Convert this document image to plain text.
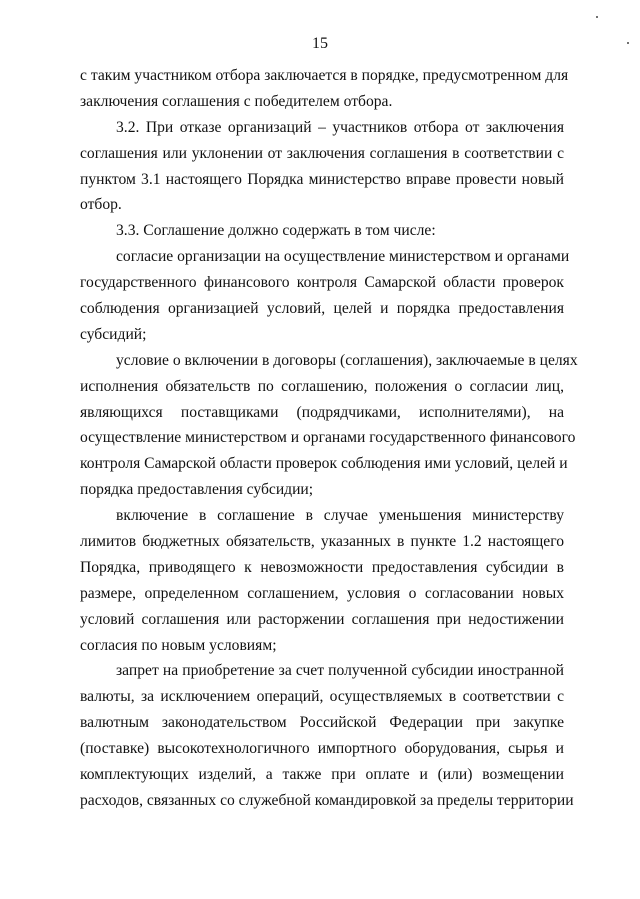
15
с таким участником отбора заключается в порядке, предусмотренном для
заключения соглашения с победителем отбора.
3.2. При отказе организаций – участников отбора от заключения
соглашения или уклонении от заключения соглашения в соответствии с
пунктом 3.1 настоящего Порядка министерство вправе провести новый
отбор.
3.3. Соглашение должно содержать в том числе:
согласие организации на осуществление министерством и органами
государственного финансового контроля Самарской области проверок
соблюдения организацией условий, целей и порядка предоставления
субсидий;
условие о включении в договоры (соглашения), заключаемые в целях
исполнения обязательств по соглашению, положения о согласии лиц,
являющихся поставщиками (подрядчиками, исполнителями), на
осуществление министерством и органами государственного финансового
контроля Самарской области проверок соблюдения ими условий, целей и
порядка предоставления субсидии;
включение в соглашение в случае уменьшения министерству
лимитов бюджетных обязательств, указанных в пункте 1.2 настоящего
Порядка, приводящего к невозможности предоставления субсидии в
размере, определенном соглашением, условия о согласовании новых
условий соглашения или расторжении соглашения при недостижении
согласия по новым условиям;
запрет на приобретение за счет полученной субсидии иностранной
валюты, за исключением операций, осуществляемых в соответствии с
валютным законодательством Российской Федерации при закупке
(поставке) высокотехнологичного импортного оборудования, сырья и
комплектующих изделий, а также при оплате и (или) возмещении
расходов, связанных со служебной командировкой за пределы территории
